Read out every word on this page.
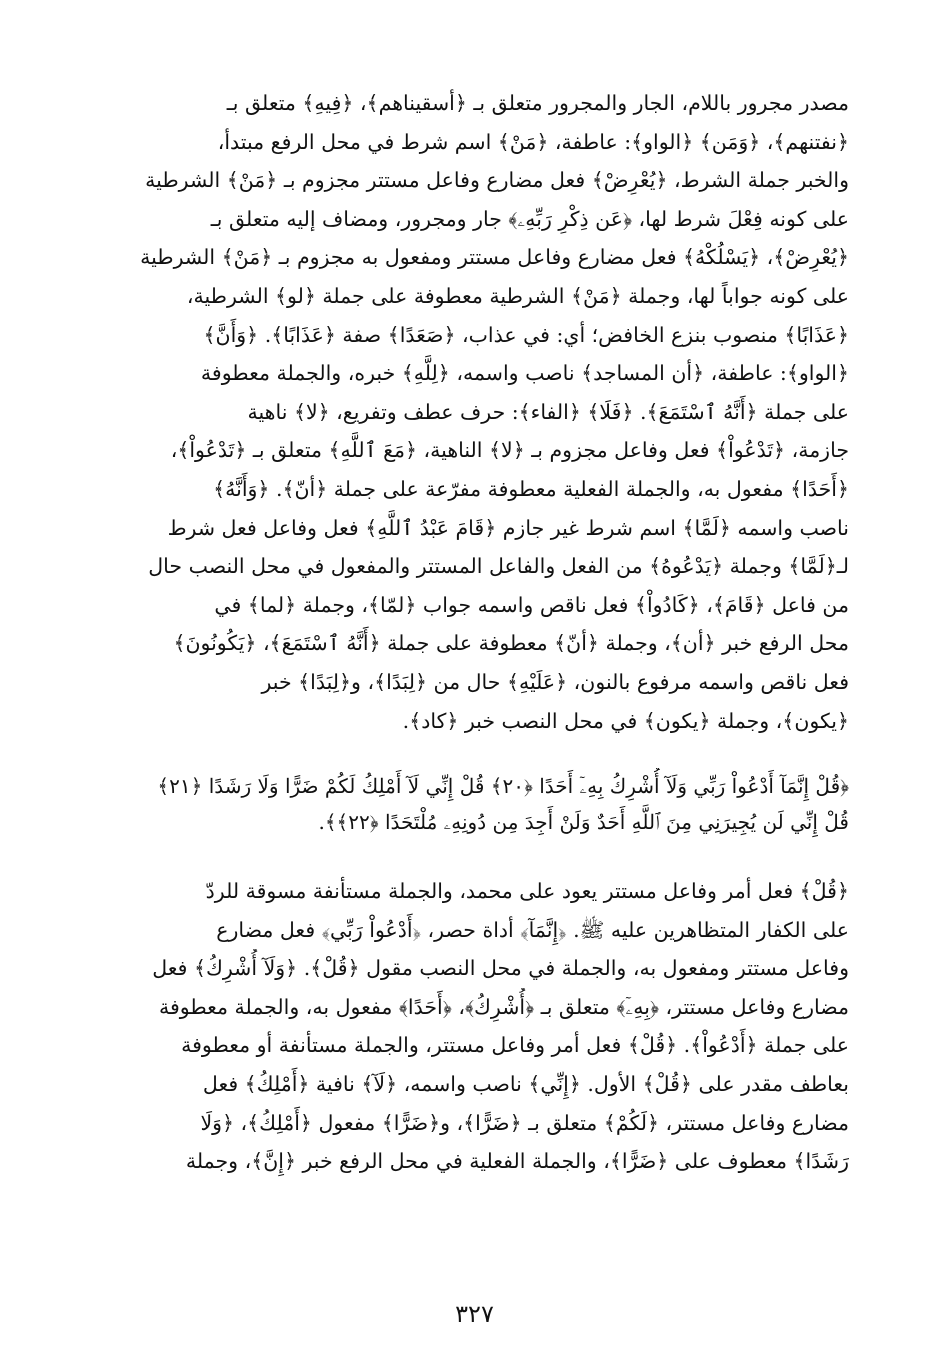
مصدر مجرور باللام، الجار والمجرور متعلق بـ ﴿أسقيناهم﴾، ﴿فِيهِ﴾ متعلق بـ
﴿نفتنهم﴾، ﴿وَمَن﴾ ﴿الواو﴾: عاطفة، ﴿مَنْ﴾ اسم شرط في محل الرفع مبتدأ،
والخبر جملة الشرط، ﴿يُعْرِضْ﴾ فعل مضارع وفاعل مستتر مجزوم بـ ﴿مَنْ﴾ الشرطية
على كونه فِعْلَ شرط لها، ﴿عَن ذِكْرِ رَبِّهِۦ﴾ جار ومجرور، ومضاف إليه متعلق بـ
﴿يُعْرِضْ﴾، ﴿يَسْلُكْهُ﴾ فعل مضارع وفاعل مستتر ومفعول به مجزوم بـ ﴿مَنْ﴾ الشرطية
على كونه جواباً لها، وجملة ﴿مَنْ﴾ الشرطية معطوفة على جملة ﴿لو﴾ الشرطية،
﴿عَذَابًا﴾ منصوب بنزع الخافض؛ أي: في عذاب، ﴿صَعَدًا﴾ صفة ﴿عَذَابًا﴾. ﴿وَأَنَّ﴾
﴿الواو﴾: عاطفة، ﴿أن المساجد﴾ ناصب واسمه، ﴿لِلَّهِ﴾ خبره، والجملة معطوفة
على جملة ﴿أَنَّهُ ٱسْتَمَعَ﴾. ﴿فَلَا﴾ ﴿الفاء﴾: حرف عطف وتفريع، ﴿لا﴾ ناهية
جازمة، ﴿تَدْعُواْ﴾ فعل وفاعل مجزوم بـ ﴿لا﴾ الناهية، ﴿مَعَ ٱللَّهِ﴾ متعلق بـ ﴿تَدْعُواْ﴾،
﴿أَحَدًا﴾ مفعول به، والجملة الفعلية معطوفة مفرّعة على جملة ﴿أنّ﴾. ﴿وَأَنَّهُ﴾
ناصب واسمه ﴿لَمَّا﴾ اسم شرط غير جازم ﴿قَامَ عَبْدُ ٱللَّهِ﴾ فعل وفاعل فعل شرط
لـ﴿لَمَّا﴾ وجملة ﴿يَدْعُوهُ﴾ من الفعل والفاعل المستتر والمفعول في محل النصب حال
من فاعل ﴿قَامَ﴾، ﴿كَادُواْ﴾ فعل ناقص واسمه جواب ﴿لمّا﴾، وجملة ﴿لما﴾ في
محل الرفع خبر ﴿أن﴾، وجملة ﴿أنّ﴾ معطوفة على جملة ﴿أَنَّهُ ٱسْتَمَعَ﴾، ﴿يَكُونُونَ﴾
فعل ناقص واسمه مرفوع بالنون، ﴿عَلَيْهِ﴾ حال من ﴿لِبَدًا﴾، و﴿لِبَدًا﴾ خبر
﴿يكون﴾، وجملة ﴿يكون﴾ في محل النصب خبر ﴿كاد﴾.
﴿قُلْ إِنَّمَآ أَدْعُواْ رَبِّي وَلَآ أُشْرِكُ بِهِۦٓ أَحَدًا ﴿٢٠﴾ قُلْ إِنِّي لَآ أَمْلِكُ لَكُمْ ضَرًّا وَلَا رَشَدًا ﴿٢١﴾
قُلْ إِنِّي لَن يُجِيرَنِي مِنَ ٱللَّهِ أَحَدٌ وَلَنْ أَجِدَ مِن دُونِهِۦ مُلْتَحَدًا ﴿٢٢﴾﴾.
﴿قُلْ﴾ فعل أمر وفاعل مستتر يعود على محمد، والجملة مستأنفة مسوقة للردّ
على الكفار المتظاهرين عليه ﷺ. ﴿إِنَّمَآ﴾ أداة حصر، ﴿أَدْعُواْ رَبِّي﴾ فعل مضارع
وفاعل مستتر ومفعول به، والجملة في محل النصب مقول ﴿قُلْ﴾. ﴿وَلَآ أُشْرِكُ﴾ فعل
مضارع وفاعل مستتر، ﴿بِهِۦٓ﴾ متعلق بـ ﴿أُشْرِكُ﴾، ﴿أَحَدًا﴾ مفعول به، والجملة معطوفة
على جملة ﴿أَدْعُواْ﴾. ﴿قُلْ﴾ فعل أمر وفاعل مستتر، والجملة مستأنفة أو معطوفة
بعاطف مقدر على ﴿قُلْ﴾ الأول. ﴿إِنِّي﴾ ناصب واسمه، ﴿لَآ﴾ نافية ﴿أَمْلِكُ﴾ فعل
مضارع وفاعل مستتر، ﴿لَكُمْ﴾ متعلق بـ ﴿ضَرًّا﴾، و﴿ضَرًّا﴾ مفعول ﴿أَمْلِكُ﴾، ﴿وَلَا
رَشَدًا﴾ معطوف على ﴿ضَرًّا﴾، والجملة الفعلية في محل الرفع خبر ﴿إِنَّ﴾، وجملة
٣٢٧
